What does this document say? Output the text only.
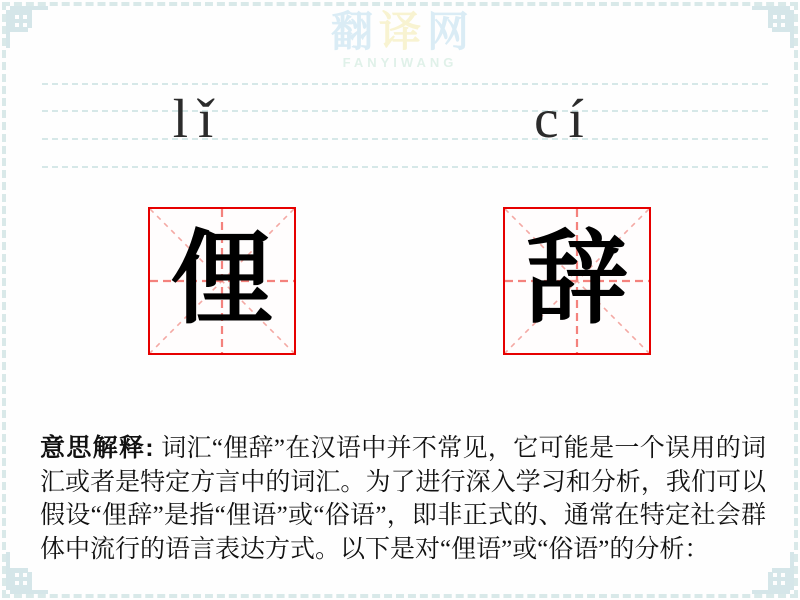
翻 译 网
FANYIWANG
lǐ	cí
俚 辞

意思解释: 词汇“俚辞”在汉语中并不常见，它可能是一个误用的词汇或者是特定方言中的词汇。为了进行深入学习和分析，我们可以假设“俚辞”是指“俚语”或“俗语”，即非正式的、通常在特定社会群体中流行的语言表达方式。以下是对“俚语”或“俗语”的分析：
